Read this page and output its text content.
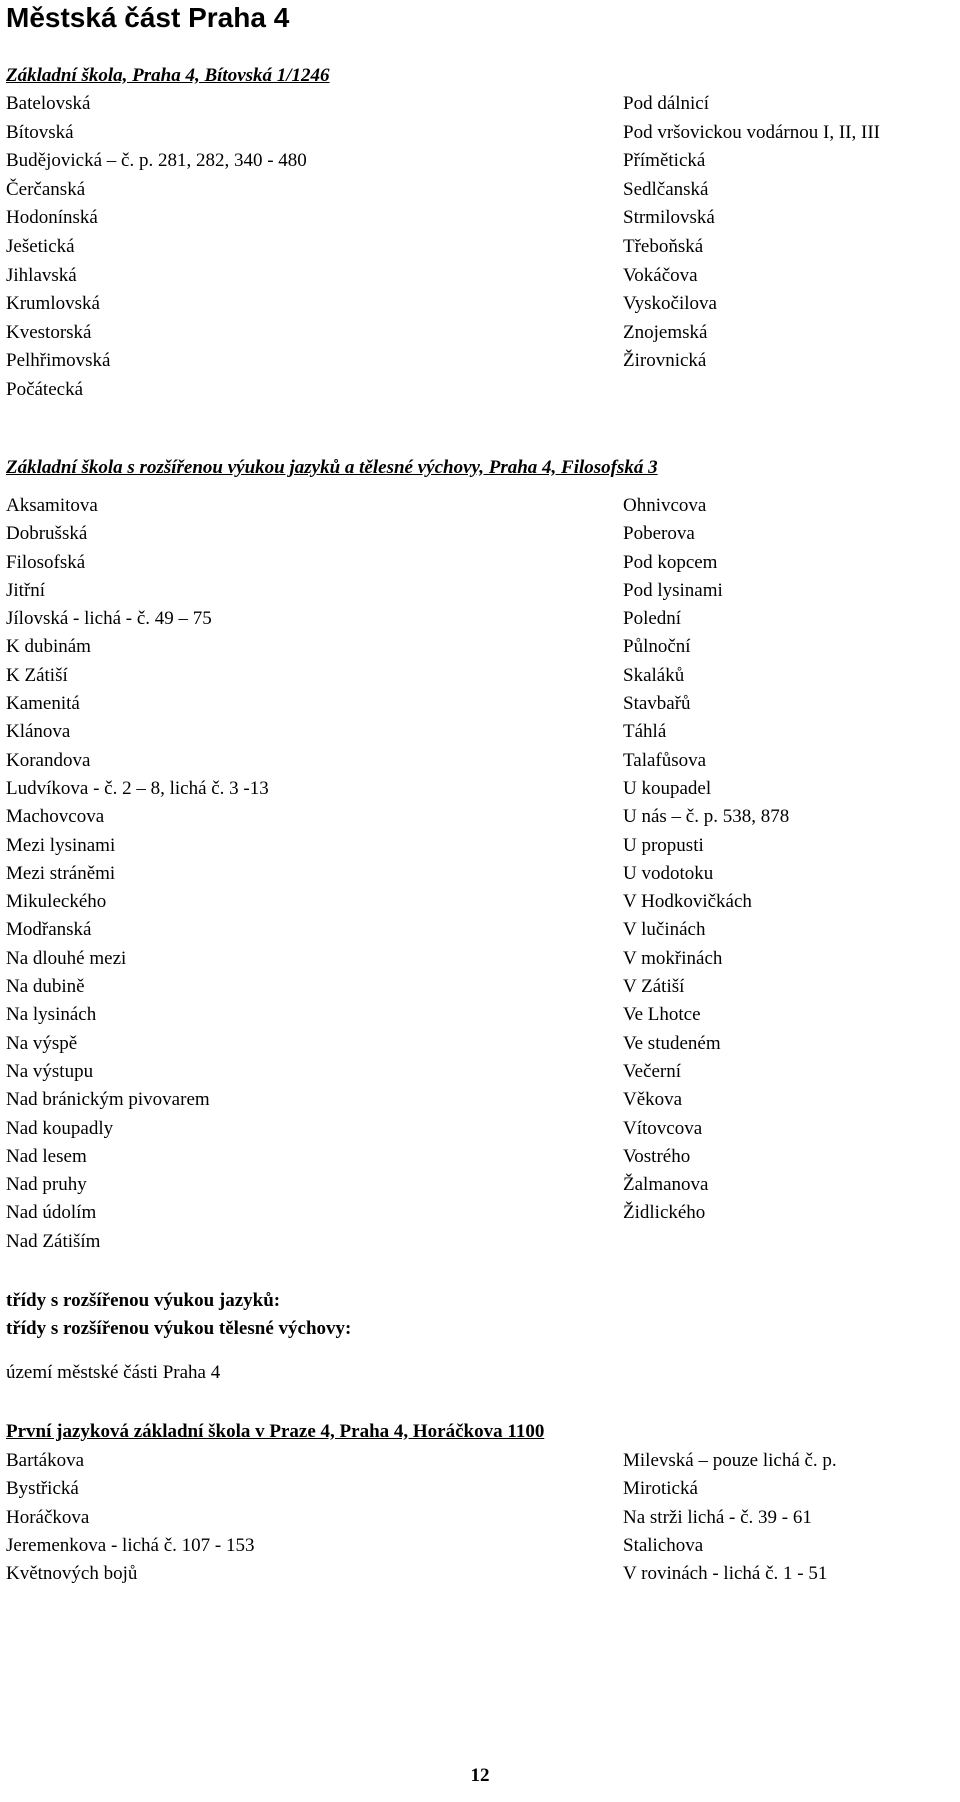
Městská část Praha 4
Základní škola, Praha 4, Bítovská 1/1246
Batelovská
Bítovská
Budějovická – č. p. 281, 282, 340 - 480
Čerčanská
Hodonínská
Ješetická
Jihlavská
Krumlovská
Kvestorská
Pelhřimovská
Počátecká
Pod dálnicí
Pod vršovickou vodárnou I, II, III
Přímětická
Sedlčanská
Strmilovská
Třeboňská
Vokáčova
Vyskočilova
Znojemská
Žirovnická
Základní škola s rozšířenou výukou jazyků a tělesné výchovy, Praha 4, Filosofská 3
Aksamitova
Dobrušská
Filosofská
Jitřní
Jílovská - lichá - č. 49 – 75
K dubinám
K Zátiší
Kamenitá
Klánova
Korandova
Ludvíkova - č. 2 – 8, lichá č. 3 -13
Machovcova
Mezi lysinami
Mezi stráněmi
Mikuleckého
Modřanská
Na dlouhé mezi
Na dubině
Na lysinách
Na výspě
Na výstupu
Nad bránickým pivovarem
Nad koupadly
Nad lesem
Nad pruhy
Nad údolím
Nad Zátiším
Ohnivcova
Poberova
Pod kopcem
Pod lysinami
Polední
Půlnoční
Skaláků
Stavbařů
Táhlá
Talafůsova
U koupadel
U nás – č. p. 538, 878
U propusti
U vodotoku
V Hodkovičkách
V lučinách
V mokřinách
V Zátiší
Ve Lhotce
Ve studeném
Večerní
Věkova
Vítovcova
Vostrého
Žalmanova
Židlického
třídy s rozšířenou výukou jazyků:
třídy s rozšířenou výukou tělesné výchovy:
území městské části Praha 4
První jazyková základní škola v Praze 4, Praha 4, Horáčkova 1100
Bartákova
Bystřická
Horáčkova
Jeremenkova - lichá č. 107 - 153
Květnových bojů
Milevská – pouze lichá č. p.
Mirotická
Na strži lichá - č. 39 - 61
Stalichova
V rovinách - lichá č. 1 - 51
12
